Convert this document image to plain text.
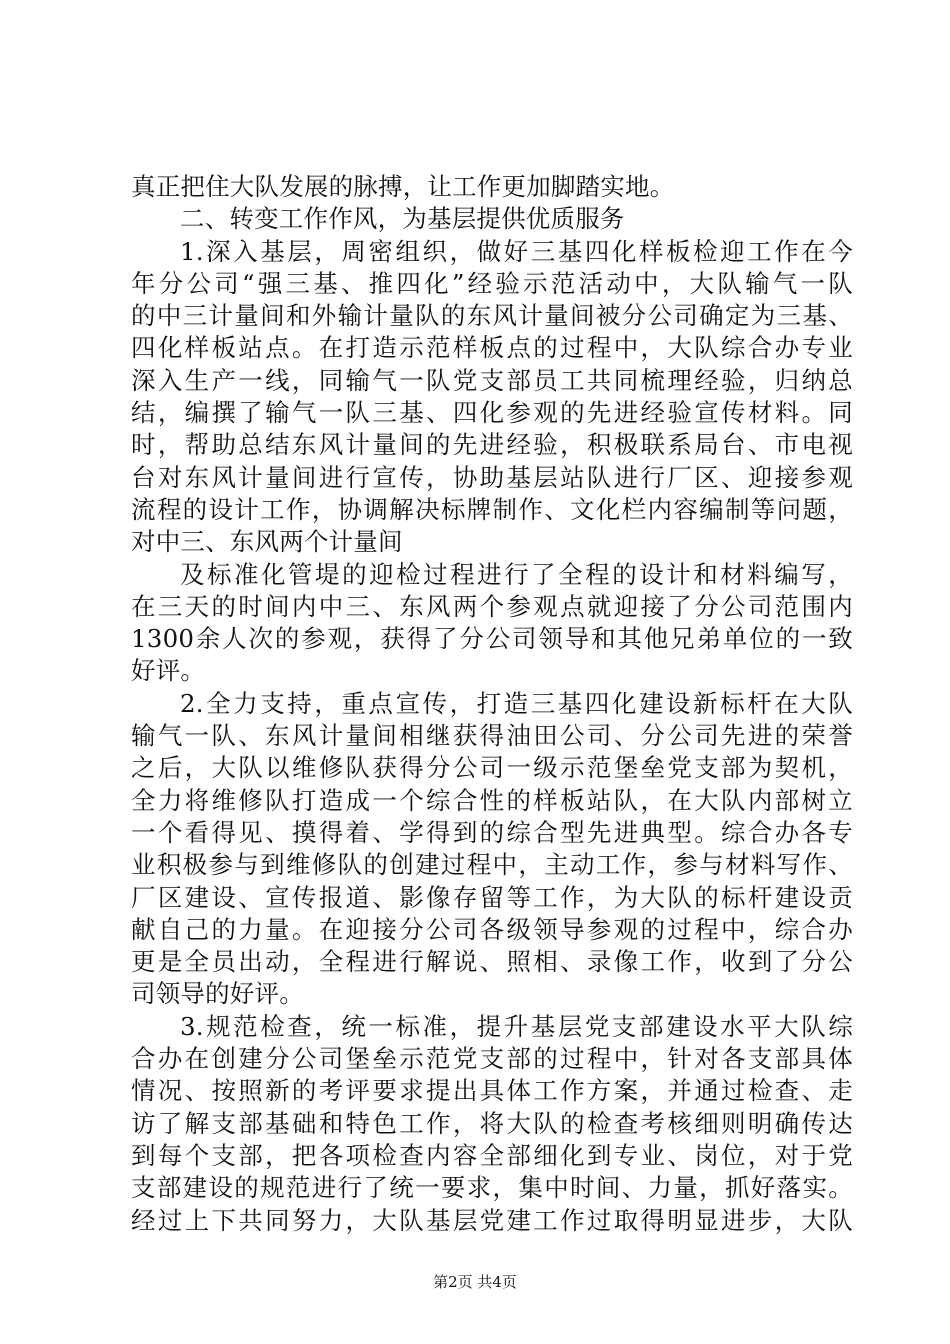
真正把住大队发展的脉搏，让工作更加脚踏实地。
二、转变工作作风，为基层提供优质服务
1.深入基层，周密组织，做好三基四化样板检迎工作在今
年分公司“强三基、推四化”经验示范活动中，大队输气一队
的中三计量间和外输计量队的东风计量间被分公司确定为三基、
四化样板站点。在打造示范样板点的过程中，大队综合办专业
深入生产一线，同输气一队党支部员工共同梳理经验，归纳总
结，编撰了输气一队三基、四化参观的先进经验宣传材料。同
时，帮助总结东风计量间的先进经验，积极联系局台、市电视
台对东风计量间进行宣传，协助基层站队进行厂区、迎接参观
流程的设计工作，协调解决标牌制作、文化栏内容编制等问题，
对中三、东风两个计量间
及标准化管堤的迎检过程进行了全程的设计和材料编写，
在三天的时间内中三、东风两个参观点就迎接了分公司范围内
1300余人次的参观，获得了分公司领导和其他兄弟单位的一致
好评。
2.全力支持，重点宣传，打造三基四化建设新标杆在大队
输气一队、东风计量间相继获得油田公司、分公司先进的荣誉
之后，大队以维修队获得分公司一级示范堡垒党支部为契机，
全力将维修队打造成一个综合性的样板站队，在大队内部树立
一个看得见、摸得着、学得到的综合型先进典型。综合办各专
业积极参与到维修队的创建过程中，主动工作，参与材料写作、
厂区建设、宣传报道、影像存留等工作，为大队的标杆建设贡
献自己的力量。在迎接分公司各级领导参观的过程中，综合办
更是全员出动，全程进行解说、照相、录像工作，收到了分公
司领导的好评。
3.规范检查，统一标准，提升基层党支部建设水平大队综
合办在创建分公司堡垒示范党支部的过程中，针对各支部具体
情况、按照新的考评要求提出具体工作方案，并通过检查、走
访了解支部基础和特色工作，将大队的检查考核细则明确传达
到每个支部，把各项检查内容全部细化到专业、岗位，对于党
支部建设的规范进行了统一要求，集中时间、力量，抓好落实。
经过上下共同努力，大队基层党建工作过取得明显进步，大队
第2页 共4页
